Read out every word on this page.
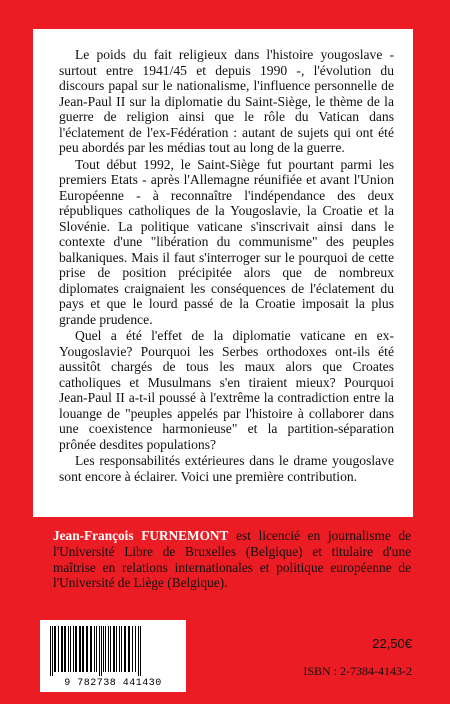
Le poids du fait religieux dans l'histoire yougoslave - surtout entre 1941/45 et depuis 1990 -, l'évolution du discours papal sur le nationalisme, l'influence personnelle de Jean-Paul II sur la diplomatie du Saint-Siège, le thème de la guerre de religion ainsi que le rôle du Vatican dans l'éclatement de l'ex-Fédération : autant de sujets qui ont été peu abordés par les médias tout au long de la guerre.

Tout début 1992, le Saint-Siège fut pourtant parmi les premiers Etats - après l'Allemagne réunifiée et avant l'Union Européenne - à reconnaître l'indépendance des deux républiques catholiques de la Yougoslavie, la Croatie et la Slovénie. La politique vaticane s'inscrivait ainsi dans le contexte d'une "libération du communisme" des peuples balkaniques. Mais il faut s'interroger sur le pourquoi de cette prise de position précipitée alors que de nombreux diplomates craignaient les conséquences de l'éclatement du pays et que le lourd passé de la Croatie imposait la plus grande prudence.

Quel a été l'effet de la diplomatie vaticane en ex-Yougoslavie? Pourquoi les Serbes orthodoxes ont-ils été aussitôt chargés de tous les maux alors que Croates catholiques et Musulmans s'en tiraient mieux? Pourquoi Jean-Paul II a-t-il poussé à l'extrême la contradiction entre la louange de "peuples appelés par l'histoire à collaborer dans une coexistence harmonieuse" et la partition-séparation prônée desdites populations?

Les responsabilités extérieures dans le drame yougoslave sont encore à éclairer. Voici une première contribution.

Jean-François FURNEMONT est licencié en journalisme de l'Université Libre de Bruxelles (Belgique) et titulaire d'une maîtrise en relations internationales et politique européenne de l'Université de Liège (Belgique).

9 782738 441430
22,50€
ISBN : 2-7384-4143-2
